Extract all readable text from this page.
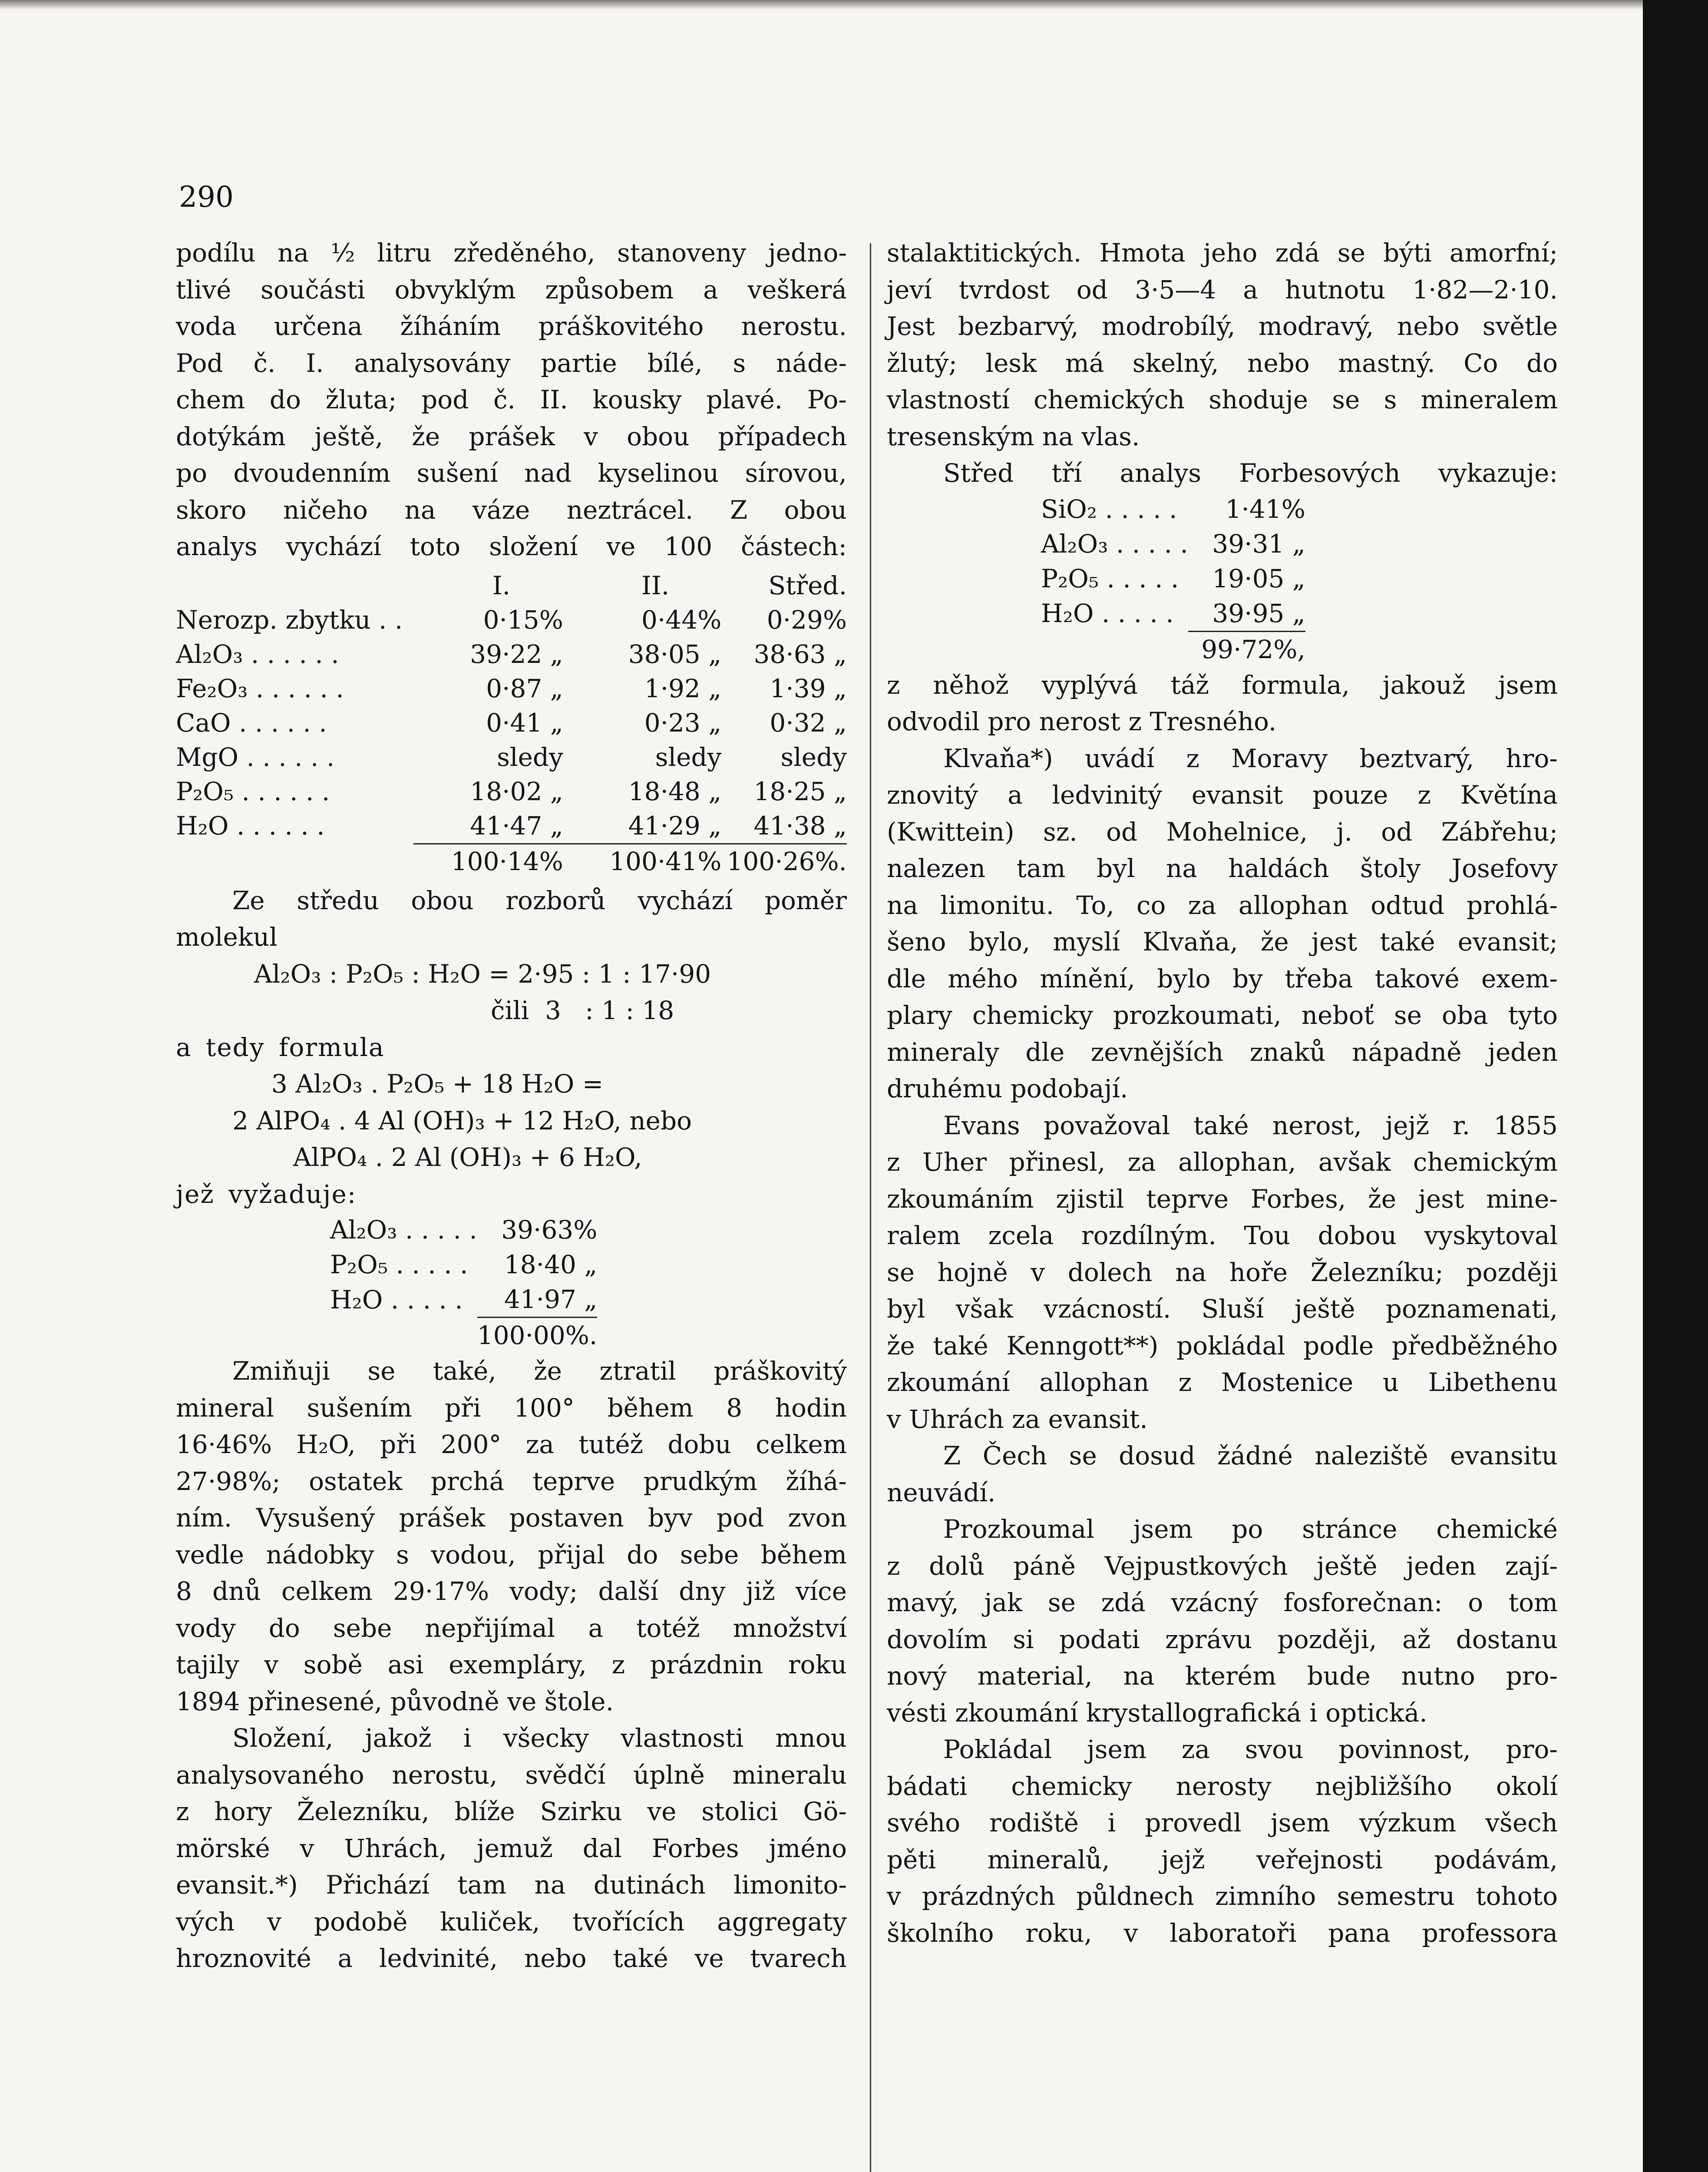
290
podílu na ½ litru zředěného, stanoveny jedno-
tlivé součásti obvyklým způsobem a veškerá
voda určena žíháním práškovitého nerostu.
Pod č. I. analysovány partie bílé, s náde-
chem do žluta; pod č. II. kousky plavé. Po-
dotýkám ještě, že prášek v obou případech
po dvoudenním sušení nad kyselinou sírovou,
skoro ničeho na váze neztrácel. Z obou
analys vychází toto složení ve 100 částech:
	I.	II.	Střed.
Nerozp. zbytku . .	0·15%	0·44%	0·29%
Al₂O₃ . . . . . .	39·22 „	38·05 „	38·63 „
Fe₂O₃ . . . . . .	0·87 „	1·92 „	1·39 „
CaO . . . . . .	0·41 „	0·23 „	0·32 „
MgO . . . . . .	sledy	sledy	sledy
P₂O₅ . . . . . .	18·02 „	18·48 „	18·25 „
H₂O . . . . . .	41·47 „	41·29 „	41·38 „
	100·14%	100·41%	100·26%.
Ze středu obou rozborů vychází poměr
molekul
Al₂O₃ : P₂O₅ : H₂O = 2·95 : 1 : 17·90
čili  3   : 1 : 18
a tedy formula
3 Al₂O₃ . P₂O₅ + 18 H₂O =
2 AlPO₄ . 4 Al (OH)₃ + 12 H₂O, nebo
AlPO₄ . 2 Al (OH)₃ + 6 H₂O,
jež vyžaduje:
Al₂O₃ . . . . .	39·63%
P₂O₅ . . . . .	18·40 „
H₂O . . . . .	41·97 „
	100·00%.
Zmiňuji se také, že ztratil práškovitý
mineral sušením při 100° během 8 hodin
16·46% H₂O, při 200° za tutéž dobu celkem
27·98%; ostatek prchá teprve prudkým žíhá-
ním. Vysušený prášek postaven byv pod zvon
vedle nádobky s vodou, přijal do sebe během
8 dnů celkem 29·17% vody; další dny již více
vody do sebe nepřijímal a totéž množství
tajily v sobě asi exempláry, z prázdnin roku
1894 přinesené, původně ve štole.
Složení, jakož i všecky vlastnosti mnou
analysovaného nerostu, svědčí úplně mineralu
z hory Železníku, blíže Szirku ve stolici Gö-
mörské v Uhrách, jemuž dal Forbes jméno
evansit.*) Přichází tam na dutinách limonito-
vých v podobě kuliček, tvořících aggregaty
hroznovité a ledvinité, nebo také ve tvarech
stalaktitických. Hmota jeho zdá se býti amorfní;
jeví tvrdost od 3·5—4 a hutnotu 1·82—2·10.
Jest bezbarvý, modrobílý, modravý, nebo světle
žlutý; lesk má skelný, nebo mastný. Co do
vlastností chemických shoduje se s mineralem
tresenským na vlas.
Střed tří analys Forbesových vykazuje:
SiO₂ . . . . .	1·41%
Al₂O₃ . . . . .	39·31 „
P₂O₅ . . . . .	19·05 „
H₂O . . . . .	39·95 „
	99·72%,
z něhož vyplývá táž formula, jakouž jsem
odvodil pro nerost z Tresného.
Klvaňa*) uvádí z Moravy beztvarý, hro-
znovitý a ledvinitý evansit pouze z Květína
(Kwittein) sz. od Mohelnice, j. od Zábřehu;
nalezen tam byl na haldách štoly Josefovy
na limonitu. To, co za allophan odtud prohlá-
šeno bylo, myslí Klvaňa, že jest také evansit;
dle mého mínění, bylo by třeba takové exem-
plary chemicky prozkoumati, neboť se oba tyto
mineraly dle zevnějších znaků nápadně jeden
druhému podobají.
Evans považoval také nerost, jejž r. 1855
z Uher přinesl, za allophan, avšak chemickým
zkoumáním zjistil teprve Forbes, že jest mine-
ralem zcela rozdílným. Tou dobou vyskytoval
se hojně v dolech na hoře Železníku; později
byl však vzácností. Sluší ještě poznamenati,
že také Kenngott**) pokládal podle předběžného
zkoumání allophan z Mostenice u Libethenu
v Uhrách za evansit.
Z Čech se dosud žádné naleziště evansitu
neuvádí.
Prozkoumal jsem po stránce chemické
z dolů páně Vejpustkových ještě jeden zají-
mavý, jak se zdá vzácný fosforečnan: o tom
dovolím si podati zprávu později, až dostanu
nový material, na kterém bude nutno pro-
vésti zkoumání krystallografická i optická.
Pokládal jsem za svou povinnost, pro-
bádati chemicky nerosty nejbližšího okolí
svého rodiště i provedl jsem výzkum všech
pěti mineralů, jejž veřejnosti podávám,
v prázdných půldnech zimního semestru tohoto
školního roku, v laboratoři pana professora
